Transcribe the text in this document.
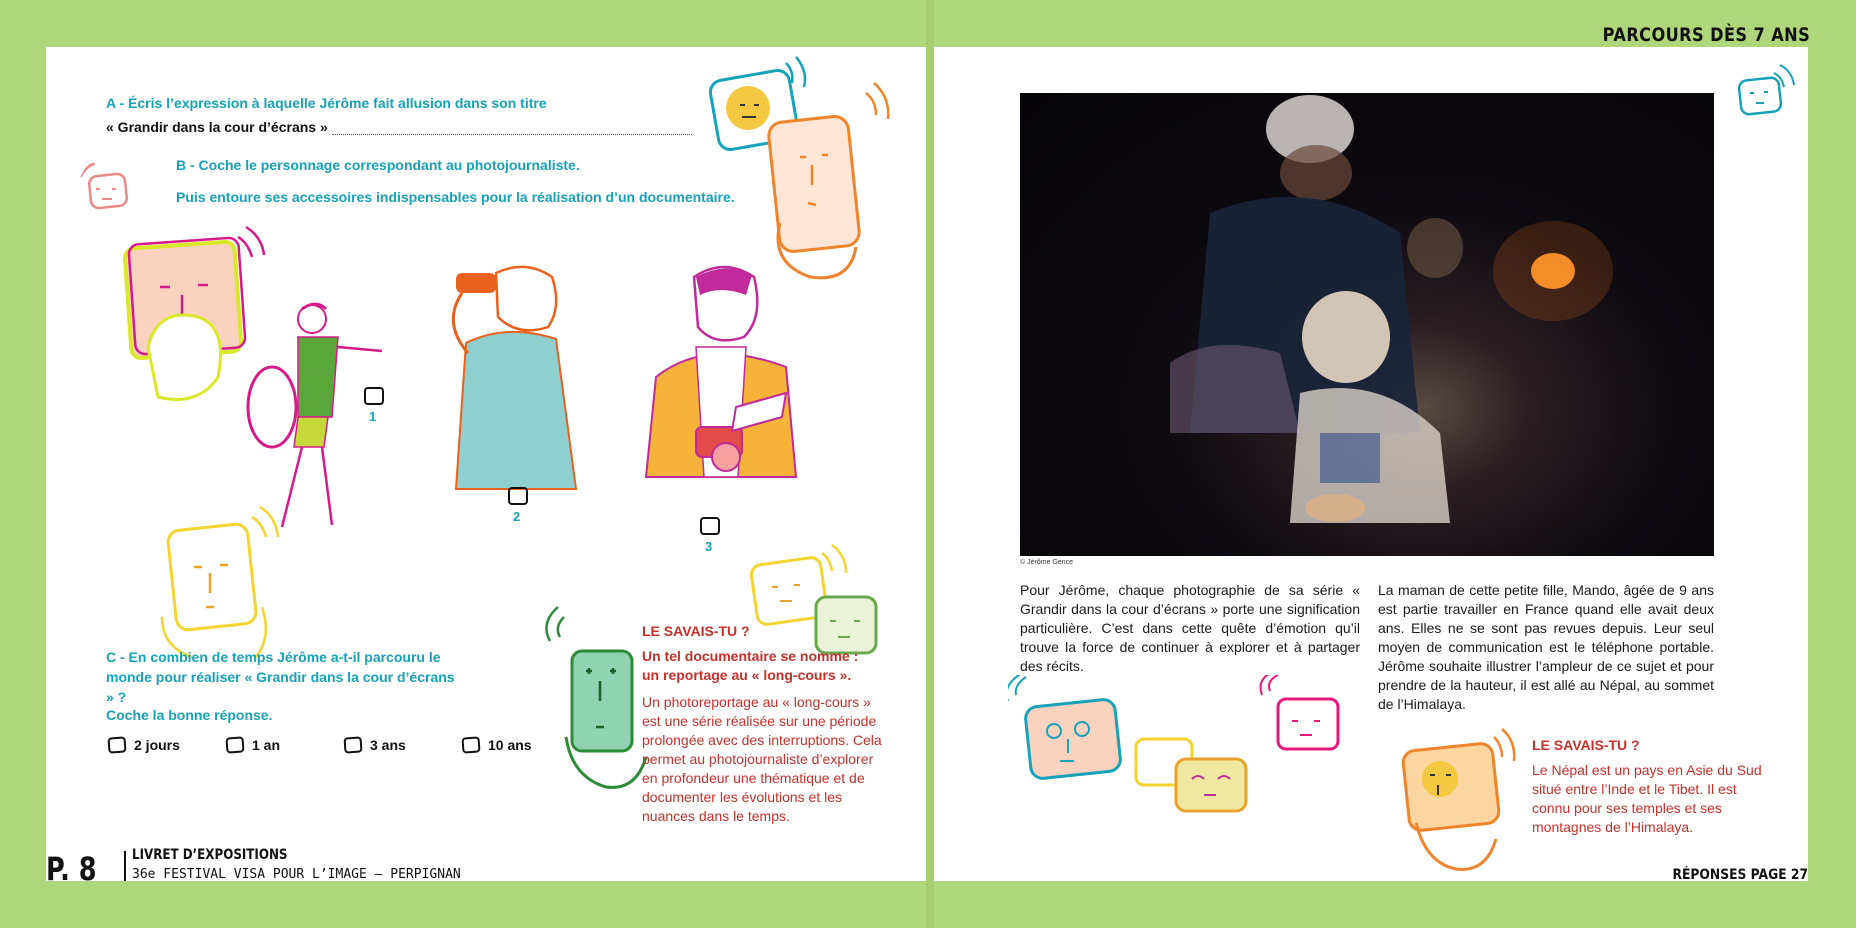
PARCOURS DÈS 7 ANS
A - Écris l’expression à laquelle Jérôme fait allusion dans son titre
« Grandir dans la cour d’écrans »
B - Coche le personnage correspondant au photojournaliste.
Puis entoure ses accessoires indispensables pour la réalisation d’un documentaire.
1
2
3
C - En combien de temps Jérôme a-t-il parcouru le monde pour réaliser « Grandir dans la cour d’écrans » ?
Coche la bonne réponse.
2 jours	1 an	3 ans	10 ans
LE SAVAIS-TU ?
Un tel documentaire se nomme : un reportage au « long-cours ».
Un photoreportage au « long-cours » est une série réalisée sur une période prolongée avec des interruptions. Cela permet au photojournaliste d’explorer en profondeur une thématique et de documenter les évolutions et les nuances dans le temps.
P. 8	LIVRET D’EXPOSITIONS
36e FESTIVAL VISA POUR L’IMAGE – PERPIGNAN
© Jérôme Gence
Pour Jérôme, chaque photographie de sa série « Grandir dans la cour d’écrans » porte une signification particulière. C’est dans cette quête d’émotion qu’il trouve la force de continuer à explorer et à partager des récits.
La maman de cette petite fille, Mando, âgée de 9 ans est partie travailler en France quand elle avait deux ans. Elles ne se sont pas revues depuis. Leur seul moyen de communication est le téléphone portable. Jérôme souhaite illustrer l’ampleur de ce sujet et pour prendre de la hauteur, il est allé au Népal, au sommet de l’Himalaya.
LE SAVAIS-TU ?
Le Népal est un pays en Asie du Sud situé entre l’Inde et le Tibet. Il est connu pour ses temples et ses montagnes de l’Himalaya.
RÉPONSES PAGE 27
